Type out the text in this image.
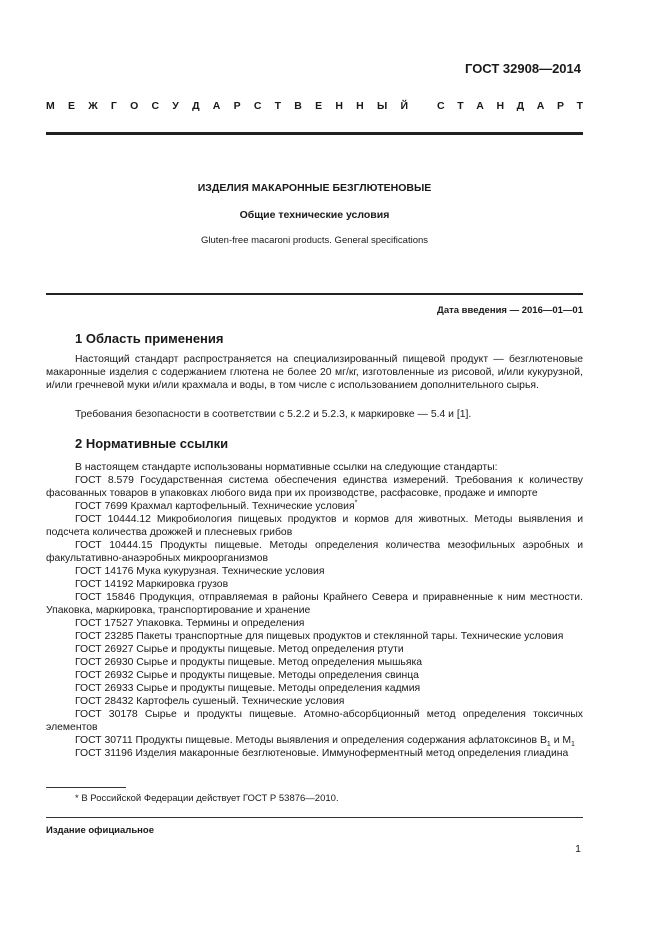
ГОСТ 32908—2014
М Е Ж Г О С У Д А Р С Т В Е Н Н Ы Й	С Т А Н Д А Р Т
ИЗДЕЛИЯ МАКАРОННЫЕ БЕЗГЛЮТЕНОВЫЕ
Общие технические условия
Gluten-free macaroni products. General specifications
Дата введения — 2016—01—01
1 Область применения

Настоящий стандарт распространяется на специализированный пищевой продукт — безглютеновые макаронные изделия с содержанием глютена не более 20 мг/кг, изготовленные из рисовой, и/или кукурузной, и/или гречневой муки и/или крахмала и воды, в том числе с использованием дополнительного сырья.

Требования безопасности в соответствии с 5.2.2 и 5.2.3, к маркировке — 5.4 и [1].

2 Нормативные ссылки

В настоящем стандарте использованы нормативные ссылки на следующие стандарты:

ГОСТ 8.579 Государственная система обеспечения единства измерений. Требования к количеству фасованных товаров в упаковках любого вида при их производстве, расфасовке, продаже и импорте

ГОСТ 7699 Крахмал картофельный. Технические условия*

ГОСТ 10444.12 Микробиология пищевых продуктов и кормов для животных. Методы выявления и подсчета количества дрожжей и плесневых грибов

ГОСТ 10444.15 Продукты пищевые. Методы определения количества мезофильных аэробных и факультативно-анаэробных микроорганизмов

ГОСТ 14176 Мука кукурузная. Технические условия

ГОСТ 14192 Маркировка грузов

ГОСТ 15846 Продукция, отправляемая в районы Крайнего Севера и приравненные к ним местности. Упаковка, маркировка, транспортирование и хранение

ГОСТ 17527 Упаковка. Термины и определения

ГОСТ 23285 Пакеты транспортные для пищевых продуктов и стеклянной тары. Технические условия

ГОСТ 26927 Сырье и продукты пищевые. Метод определения ртути

ГОСТ 26930 Сырье и продукты пищевые. Метод определения мышьяка

ГОСТ 26932 Сырье и продукты пищевые. Методы определения свинца

ГОСТ 26933 Сырье и продукты пищевые. Методы определения кадмия

ГОСТ 28432 Картофель сушеный. Технические условия

ГОСТ 30178 Сырье и продукты пищевые. Атомно-абсорбционный метод определения токсичных элементов

ГОСТ 30711 Продукты пищевые. Методы выявления и определения содержания афлатоксинов $В_1$ и $М_1$

ГОСТ 31196 Изделия макаронные безглютеновые. Иммуноферментный метод определения глиадина

* В Российской Федерации действует ГОСТ Р 53876—2010.
Издание официальное
1
